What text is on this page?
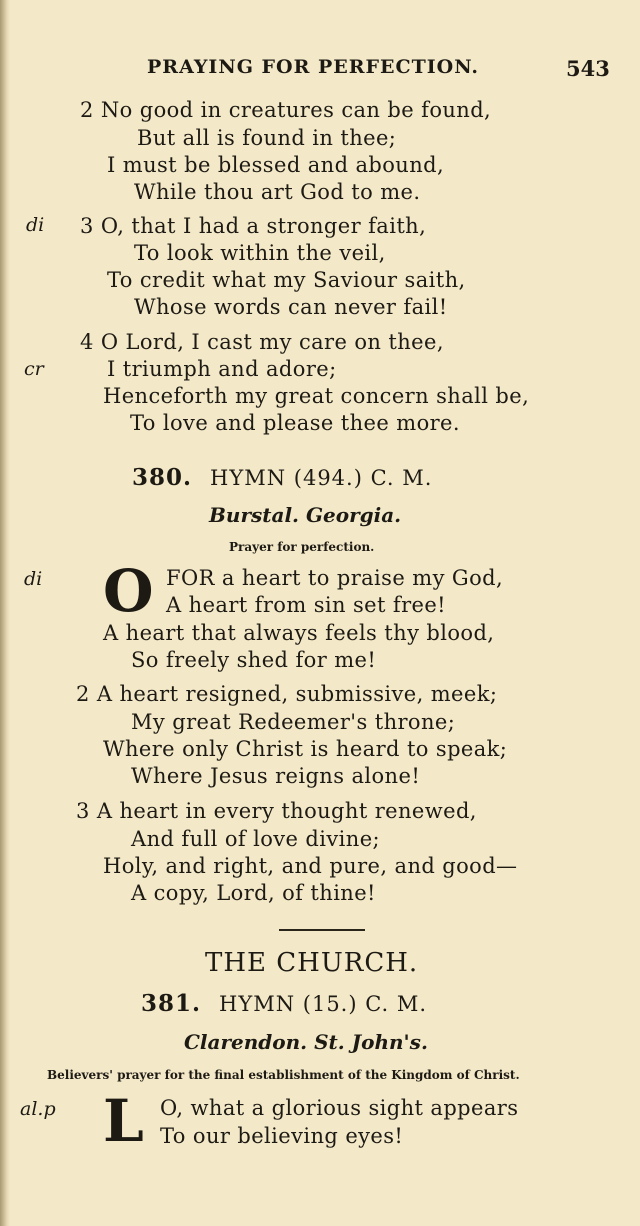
PRAYING FOR PERFECTION.	543
2 No good in creatures can be found,
But all is found in thee;
I must be blessed and abound,
While thou art God to me.
di 3 O, that I had a stronger faith,
To look within the veil,
To credit what my Saviour saith,
Whose words can never fail!
4 O Lord, I cast my care on thee,
cr	I triumph and adore;
Henceforth my great concern shall be,
To love and please thee more.
380. HYMN (494.) C. M.
Burstal. Georgia.
Prayer for perfection.
di O FOR a heart to praise my God,
A heart from sin set free!
A heart that always feels thy blood,
So freely shed for me!
2 A heart resigned, submissive, meek;
My great Redeemer's throne;
Where only Christ is heard to speak;
Where Jesus reigns alone!
3 A heart in every thought renewed,
And full of love divine;
Holy, and right, and pure, and good—
A copy, Lord, of thine!
THE CHURCH.
381. HYMN (15.) C. M.
Clarendon. St. John's.
Believers' prayer for the final establishment of the Kingdom of Christ.
al.p L O, what a glorious sight appears
To our believing eyes!
